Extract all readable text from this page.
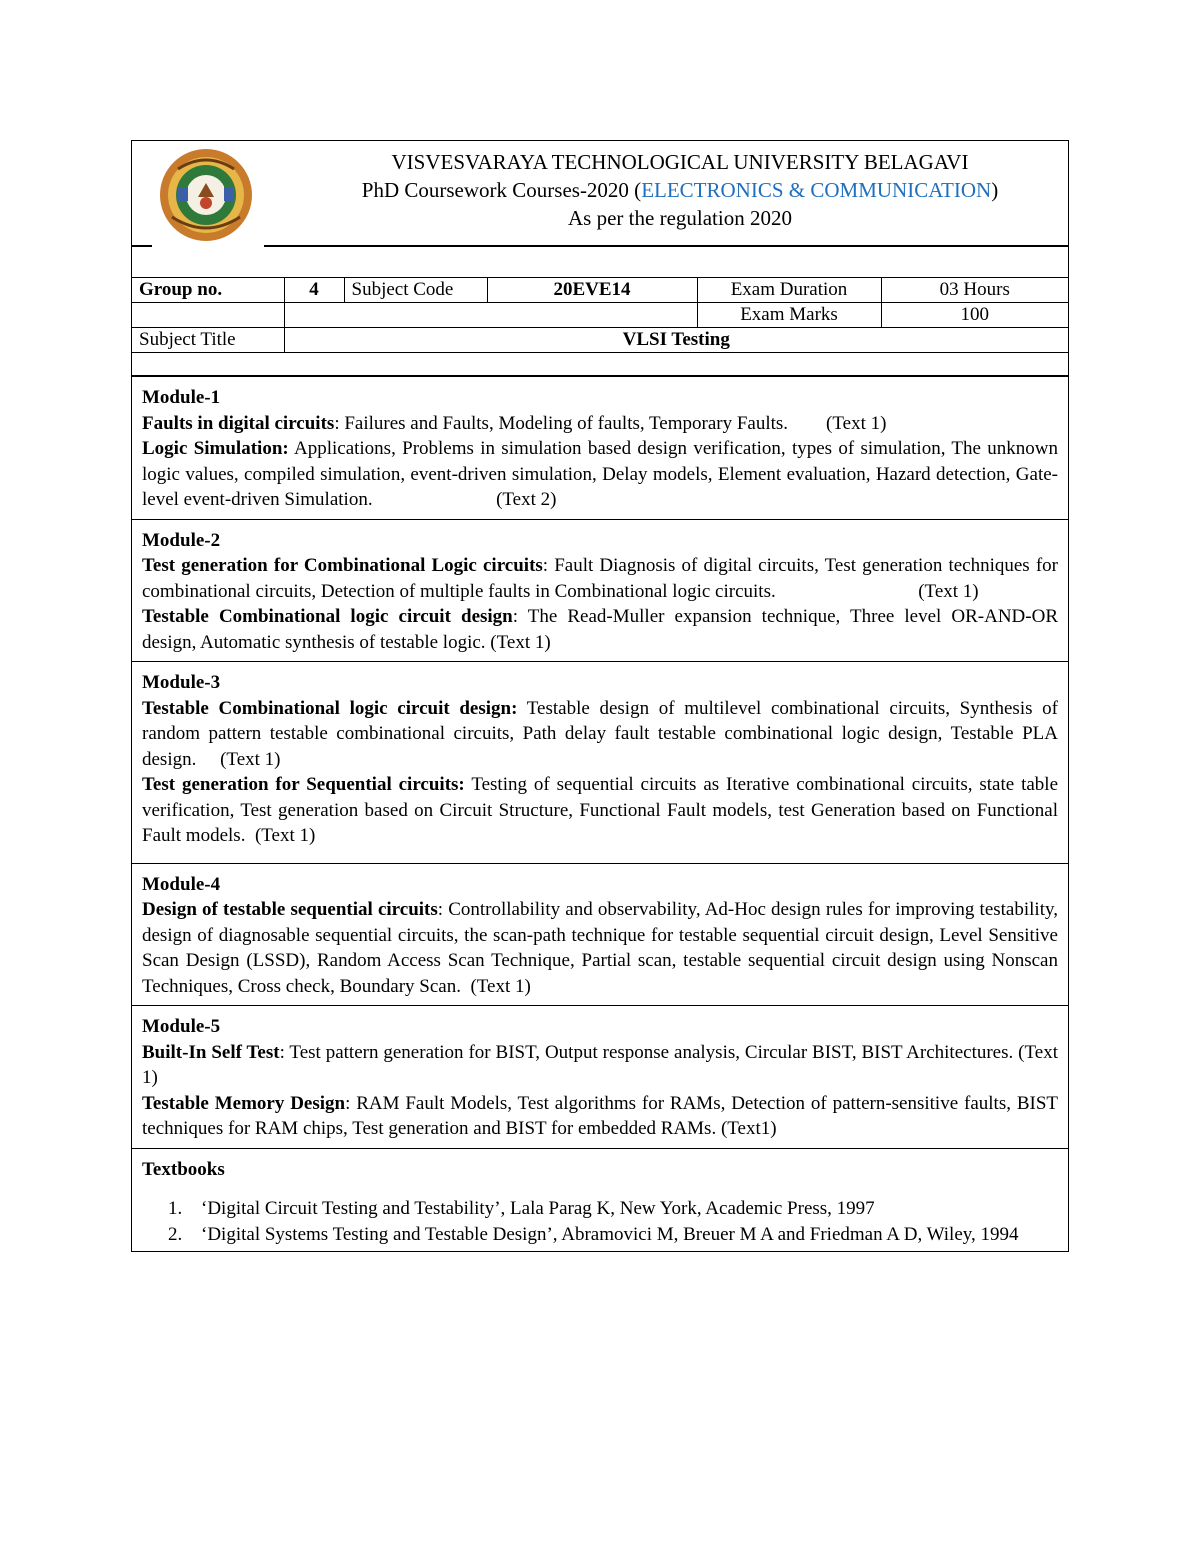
VISVESVARAYA TECHNOLOGICAL UNIVERSITY BELAGAVI
PhD Coursework Courses-2020 (ELECTRONICS & COMMUNICATION)
As per the regulation 2020
Group no.	4	Subject Code	20EVE14	Exam Duration	03 Hours
				Exam Marks	100
Subject Title	VLSI Testing				

Module-1

Faults in digital circuits: Failures and Faults, Modeling of faults, Temporary Faults.        (Text 1)

Logic Simulation: Applications, Problems in simulation based design verification, types of simulation, The unknown logic values, compiled simulation, event-driven simulation, Delay models, Element evaluation, Hazard detection, Gate-level event-driven Simulation.                          (Text 2)

Module-2

Test generation for Combinational Logic circuits: Fault Diagnosis of digital circuits, Test generation techniques for combinational circuits, Detection of multiple faults in Combinational logic circuits.                              (Text 1)

Testable Combinational logic circuit design: The Read-Muller expansion technique, Three level OR-AND-OR design, Automatic synthesis of testable logic. (Text 1)

Module-3

Testable Combinational logic circuit design: Testable design of multilevel combinational circuits, Synthesis of random pattern testable combinational circuits, Path delay fault testable combinational logic design, Testable PLA design.     (Text 1)

Test generation for Sequential circuits: Testing of sequential circuits as Iterative combinational circuits, state table verification, Test generation based on Circuit Structure, Functional Fault models, test Generation based on Functional Fault models.  (Text 1)

Module-4

Design of testable sequential circuits: Controllability and observability, Ad-Hoc design rules for improving testability, design of diagnosable sequential circuits, the scan-path technique for testable sequential circuit design, Level Sensitive Scan Design (LSSD), Random Access Scan Technique, Partial scan, testable sequential circuit design using Nonscan Techniques, Cross check, Boundary Scan.  (Text 1)

Module-5

Built-In Self Test: Test pattern generation for BIST, Output response analysis, Circular BIST, BIST Architectures. (Text 1)

Testable Memory Design: RAM Fault Models, Test algorithms for RAMs, Detection of pattern-sensitive faults, BIST techniques for RAM chips, Test generation and BIST for embedded RAMs. (Text1)

Textbooks
1. ‘Digital Circuit Testing and Testability’, Lala Parag K, New York, Academic Press, 1997
2. ‘Digital Systems Testing and Testable Design’, Abramovici M, Breuer M A and Friedman A D, Wiley, 1994
